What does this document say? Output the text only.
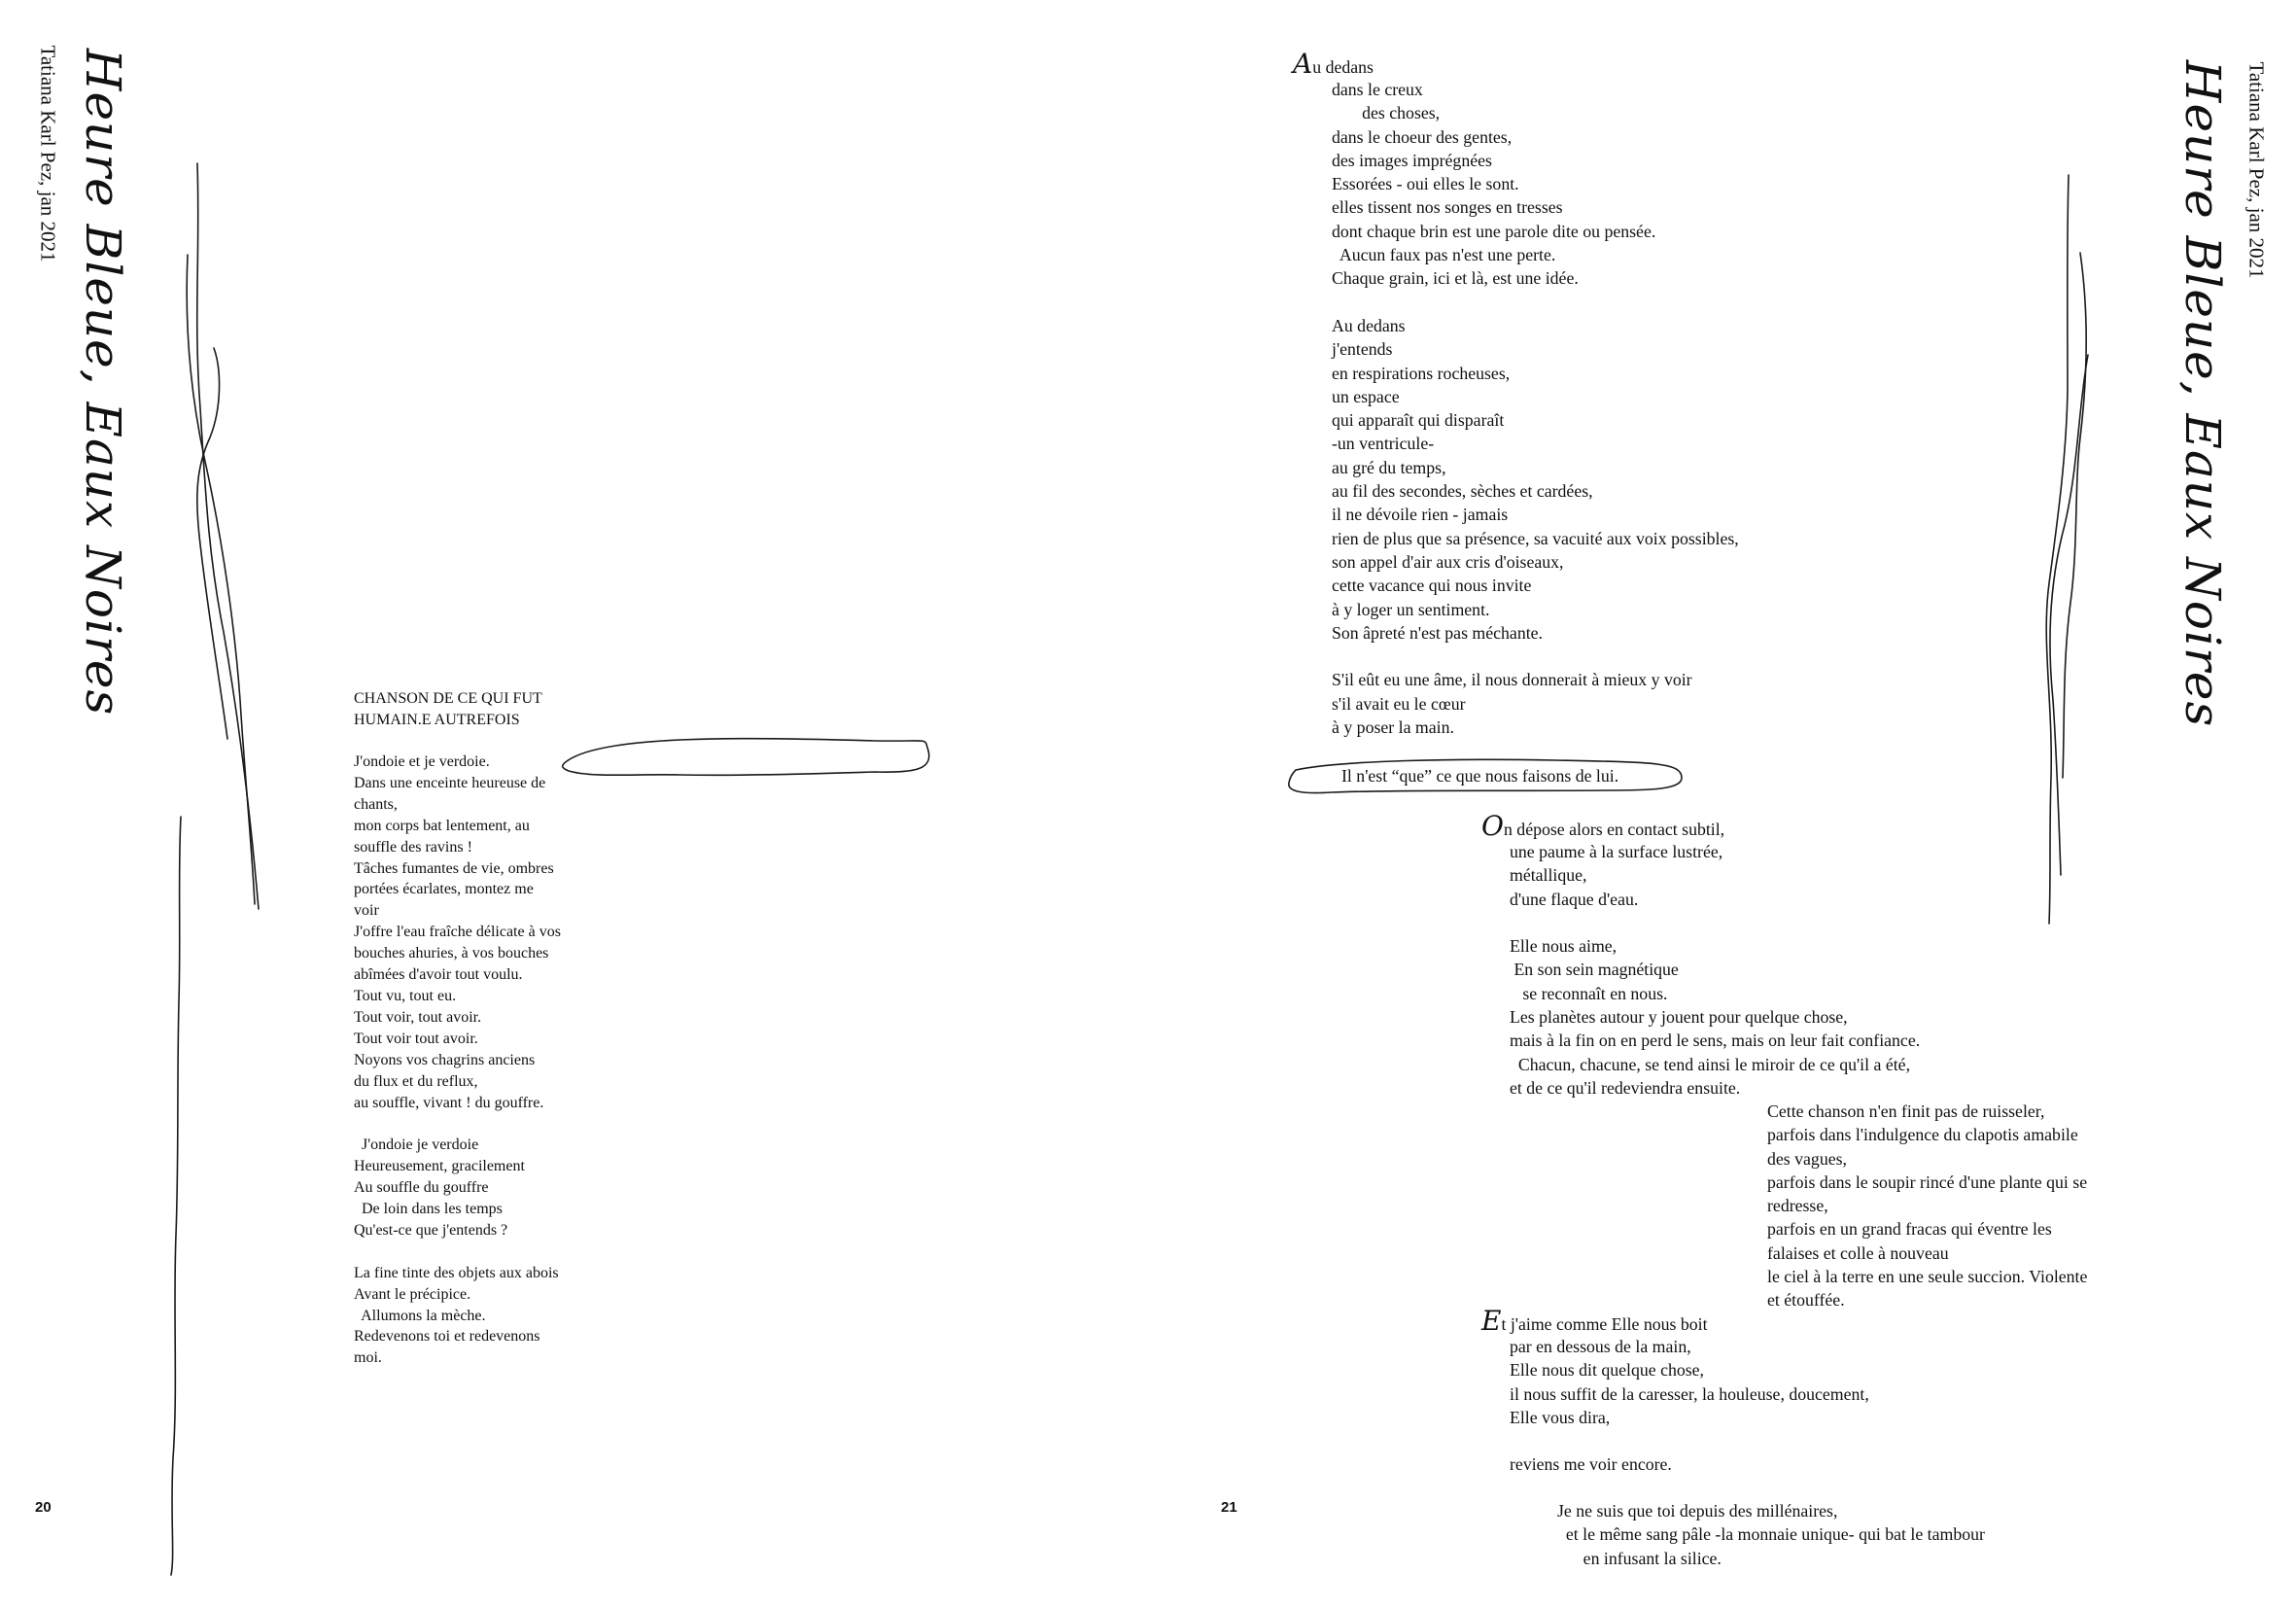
Heure Bleue, Eaux Noires
Tatiana Karl Pez, jan 2021
CHANSON DE CE QUI FUT
HUMAIN.E AUTREFOIS
J'ondoie et je verdoie.
Dans une enceinte heureuse de
chants,
mon corps bat lentement, au
souffle des ravins !
Tâches fumantes de vie, ombres
portées écarlates, montez me
voir
J'offre l'eau fraîche délicate à vos
bouches ahuries, à vos bouches
abîmées d'avoir tout voulu.
Tout vu, tout eu.
Tout voir, tout avoir.
Tout voir tout avoir.
Noyons vos chagrins anciens
du flux et du reflux,
au souffle, vivant ! du gouffre.
J'ondoie je verdoie
Heureusement, gracilement
Au souffle du gouffre
De loin dans les temps
Qu'est-ce que j'entends ?
La fine tinte des objets aux abois
Avant le précipice.
Allumons la mèche.
Redevenons toi et redevenons
moi.
20
Heure Bleue, Eaux Noires Tatiana Karl Pez, jan 2021
21
Au dedans
dans le creux
des choses,
dans le choeur des gentes,
des images imprégnées
Essorées - oui elles le sont.
elles tissent nos songes en tresses
dont chaque brin est une parole dite ou pensée.
Aucun faux pas n'est une perte.
Chaque grain, ici et là, est une idée.
Au dedans
j'entends
en respirations rocheuses,
un espace
qui apparaît qui disparaît
-un ventricule-
au gré du temps,
au fil des secondes, sèches et cardées,
il ne dévoile rien - jamais
rien de plus que sa présence, sa vacuité aux voix possibles,
son appel d'air aux cris d'oiseaux,
cette vacance qui nous invite
à y loger un sentiment.
Son âpreté n'est pas méchante.
S'il eût eu une âme, il nous donnerait à mieux y voir
s'il avait eu le cœur
à y poser la main.
Il n'est “que” ce que nous faisons de lui.
On dépose alors en contact subtil,
une paume à la surface lustrée,
métallique,
d'une flaque d'eau.
Elle nous aime,
En son sein magnétique
se reconnaît en nous.
Les planètes autour y jouent pour quelque chose,
mais à la fin on en perd le sens, mais on leur fait confiance.
Chacun, chacune, se tend ainsi le miroir de ce qu'il a été,
et de ce qu'il redeviendra ensuite.
Cette chanson n'en finit pas de ruisseler,
parfois dans l'indulgence du clapotis amabile
des vagues,
parfois dans le soupir rincé d'une plante qui se
redresse,
parfois en un grand fracas qui éventre les
falaises et colle à nouveau
le ciel à la terre en une seule succion. Violente
et étouffée.
Et j'aime comme Elle nous boit
par en dessous de la main,
Elle nous dit quelque chose,
il nous suffit de la caresser, la houleuse, doucement,
Elle vous dira,
reviens me voir encore.
Je ne suis que toi depuis des millénaires,
et le même sang pâle -la monnaie unique- qui bat le tambour
en infusant la silice.
